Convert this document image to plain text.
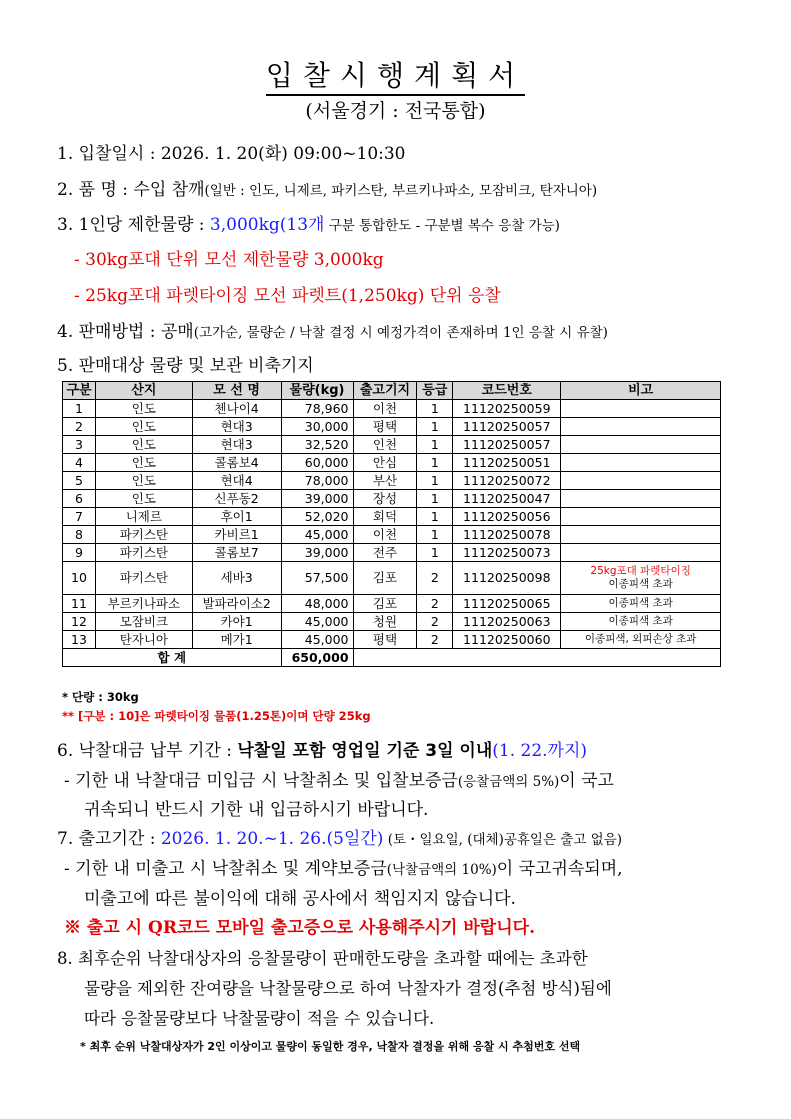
입찰시행계획서
(서울경기 : 전국통합)
1. 입찰일시 : 2026. 1. 20(화) 09:00~10:30
2. 품 명 : 수입 참깨(일반 : 인도, 니제르, 파키스탄, 부르키나파소, 모잠비크, 탄자니아)
3. 1인당 제한물량 : 3,000kg(13개 구분 통합한도 - 구분별 복수 응찰 가능)
- 30kg포대 단위 모선 제한물량 3,000kg
- 25kg포대 파렛타이징 모선 파렛트(1,250kg) 단위 응찰
4. 판매방법 : 공매(고가순, 물량순 / 낙찰 결정 시 예정가격이 존재하며 1인 응찰 시 유찰)
5. 판매대상 물량 및 보관 비축기지
구분	산지	모 선 명	물량(kg)	출고기지	등급	코드번호	비고
1	인도	첸나이4	78,960	이천	1	11120250059	

2	인도	현대3	30,000	평택	1	11120250057	

3	인도	현대3	32,520	인천	1	11120250057	

4	인도	콜롬보4	60,000	안심	1	11120250051	

5	인도	현대4	78,000	부산	1	11120250072	

6	인도	신푸동2	39,000	장성	1	11120250047	

7	니제르	후이1	52,020	회덕	1	11120250056	

8	파키스탄	카비르1	45,000	이천	1	11120250078	

9	파키스탄	콜롬보7	39,000	전주	1	11120250073	

10	파키스탄	세바3	57,500	김포	2	11120250098	25kg포대 파렛타이징
이종피색 초과

11	부르키나파소	발파라이소2	48,000	김포	2	11120250065	이종피색 초과

12	모잠비크	카야1	45,000	청원	2	11120250063	이종피색 초과

13	탄자니아	메가1	45,000	평택	2	11120250060	이종피색, 외피손상 초과

합 계			650,000				
* 단량 : 30kg
** [구분 : 10]은 파렛타이징 물품(1.25톤)이며 단량 25kg
6. 낙찰대금 납부 기간 : 낙찰일 포함 영업일 기준 3일 이내(1. 22.까지)
- 기한 내 낙찰대금 미입금 시 낙찰취소 및 입찰보증금(응찰금액의 5%)이 국고
귀속되니 반드시 기한 내 입금하시기 바랍니다.
7. 출고기간 : 2026. 1. 20.~1. 26.(5일간) (토・일요일, (대체)공휴일은 출고 없음)
- 기한 내 미출고 시 낙찰취소 및 계약보증금(낙찰금액의 10%)이 국고귀속되며,
미출고에 따른 불이익에 대해 공사에서 책임지지 않습니다.
※ 출고 시 QR코드 모바일 출고증으로 사용해주시기 바랍니다.
8. 최후순위 낙찰대상자의 응찰물량이 판매한도량을 초과할 때에는 초과한
물량을 제외한 잔여량을 낙찰물량으로 하여 낙찰자가 결정(추첨 방식)됨에
따라 응찰물량보다 낙찰물량이 적을 수 있습니다.
* 최후 순위 낙찰대상자가 2인 이상이고 물량이 동일한 경우, 낙찰자 결정을 위해 응찰 시 추첨번호 선택
